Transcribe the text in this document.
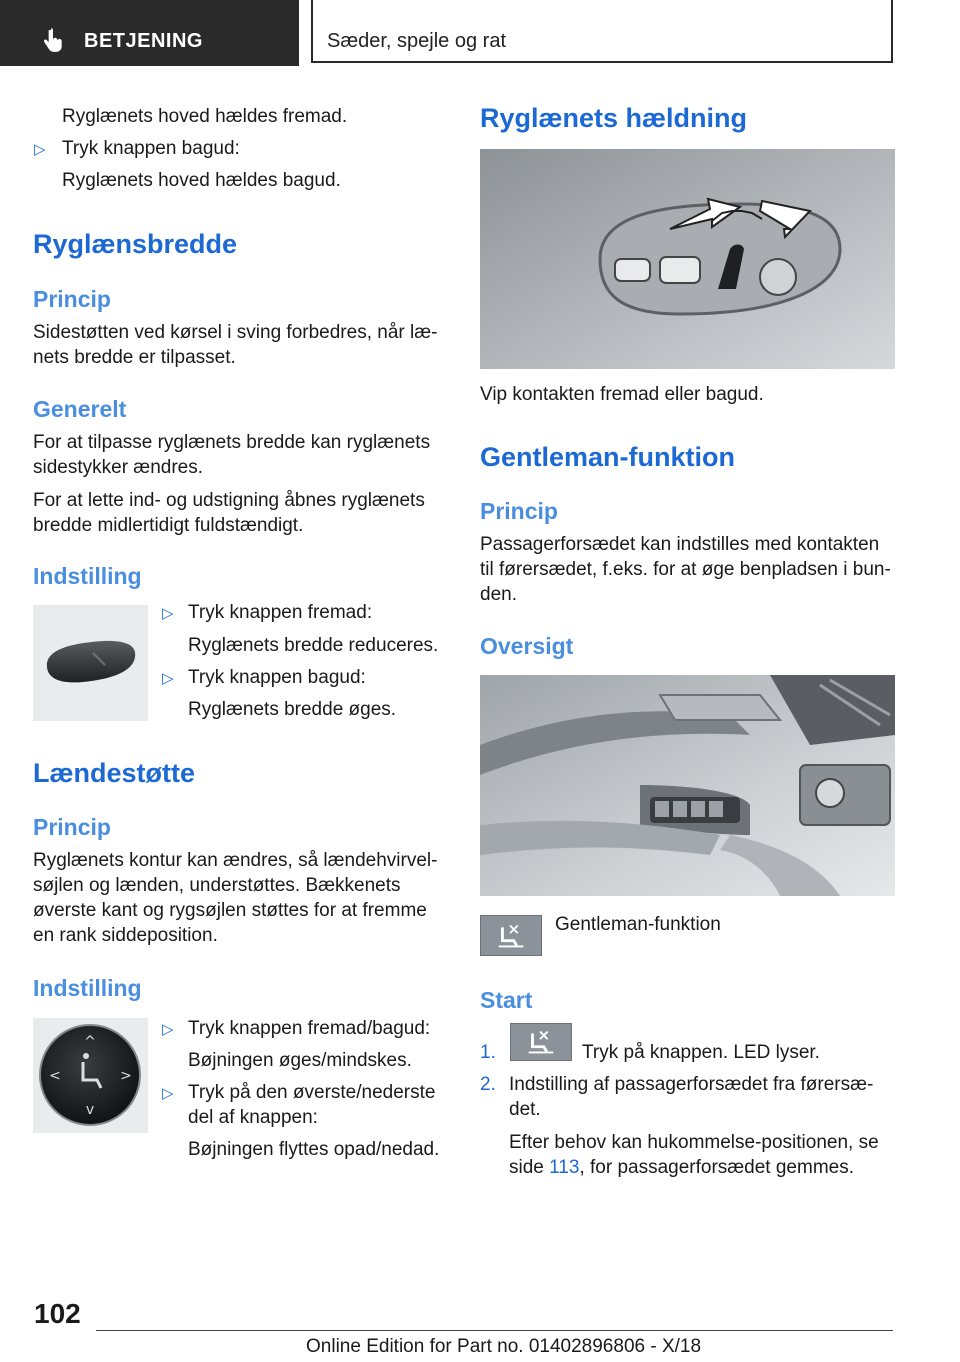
BETJENING	Sæder, spejle og rat
Ryglænets hoved hældes fremad.
▷ Tryk knappen bagud:
Ryglænets hoved hældes bagud.
Ryglænsbredde
Princip
Sidestøtten ved kørsel i sving forbedres, når læ-
nets bredde er tilpasset.
Generelt
For at tilpasse ryglænets bredde kan ryglænets
sidestykker ændres.
For at lette ind- og udstigning åbnes ryglænets
bredde midlertidigt fuldstændigt.
Indstilling
▷ Tryk knappen fremad:
Ryglænets bredde reduceres.
▷ Tryk knappen bagud:
Ryglænets bredde øges.
Lændestøtte
Princip
Ryglænets kontur kan ændres, så lændehvirvel-
søjlen og lænden, understøttes. Bækkenets
øverste kant og rygsøjlen støttes for at fremme
en rank siddeposition.
Indstilling
^
v
<	>
▷ Tryk knappen fremad/bagud:
Bøjningen øges/mindskes.
▷ Tryk på den øverste/nederste
del af knappen:
Bøjningen flyttes opad/nedad.
Ryglænets hældning
Vip kontakten fremad eller bagud.
Gentleman-funktion
Princip
Passagerforsædet kan indstilles med kontakten
til førersædet, f.eks. for at øge benpladsen i bun-
den.
Oversigt
Gentleman-funktion
Start
1.	Tryk på knappen. LED lyser.
2. Indstilling af passagerforsædet fra førersæ-
det.
Efter behov kan hukommelse-positionen, se
side 113, for passagerforsædet gemmes.
102
Online Edition for Part no. 01402896806 - X/18
